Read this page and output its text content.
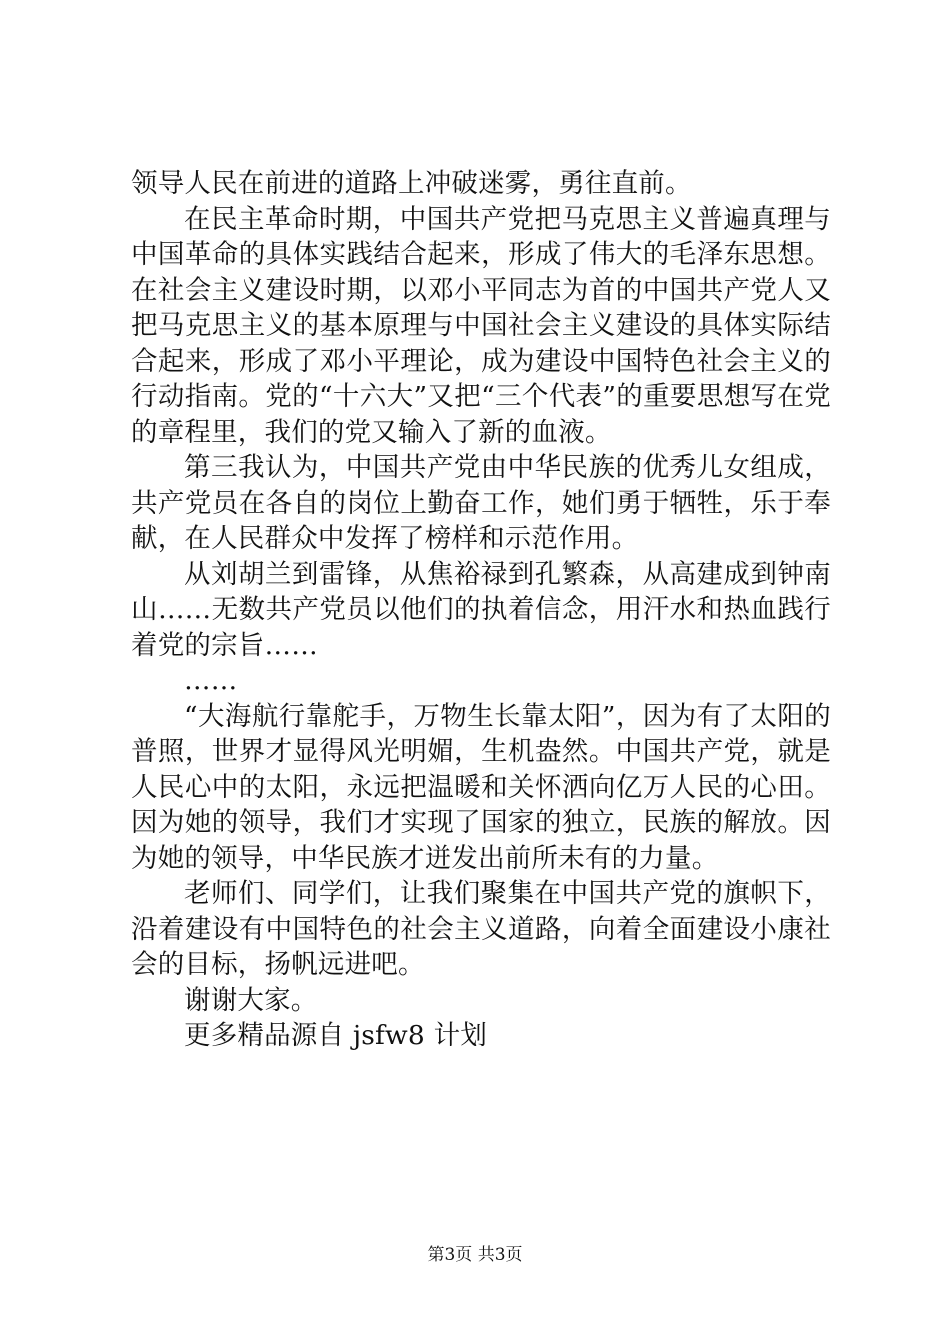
领导人民在前进的道路上冲破迷雾，勇往直前。

在民主革命时期，中国共产党把马克思主义普遍真理与中国革命的具体实践结合起来，形成了伟大的毛泽东思想。在社会主义建设时期，以邓小平同志为首的中国共产党人又把马克思主义的基本原理与中国社会主义建设的具体实际结合起来，形成了邓小平理论，成为建设中国特色社会主义的行动指南。党的“十六大”又把“三个代表”的重要思想写在党的章程里，我们的党又输入了新的血液。

第三我认为，中国共产党由中华民族的优秀儿女组成，共产党员在各自的岗位上勤奋工作，她们勇于牺牲，乐于奉献，在人民群众中发挥了榜样和示范作用。

从刘胡兰到雷锋，从焦裕禄到孔繁森，从高建成到钟南山……无数共产党员以他们的执着信念，用汗水和热血践行着党的宗旨……

……

“大海航行靠舵手，万物生长靠太阳”，因为有了太阳的普照，世界才显得风光明媚，生机盎然。中国共产党，就是人民心中的太阳，永远把温暖和关怀洒向亿万人民的心田。因为她的领导，我们才实现了国家的独立，民族的解放。因为她的领导，中华民族才迸发出前所未有的力量。

老师们、同学们，让我们聚集在中国共产党的旗帜下，沿着建设有中国特色的社会主义道路，向着全面建设小康社会的目标，扬帆远进吧。

谢谢大家。

更多精品源自 jsfw8 计划

第3页 共3页
